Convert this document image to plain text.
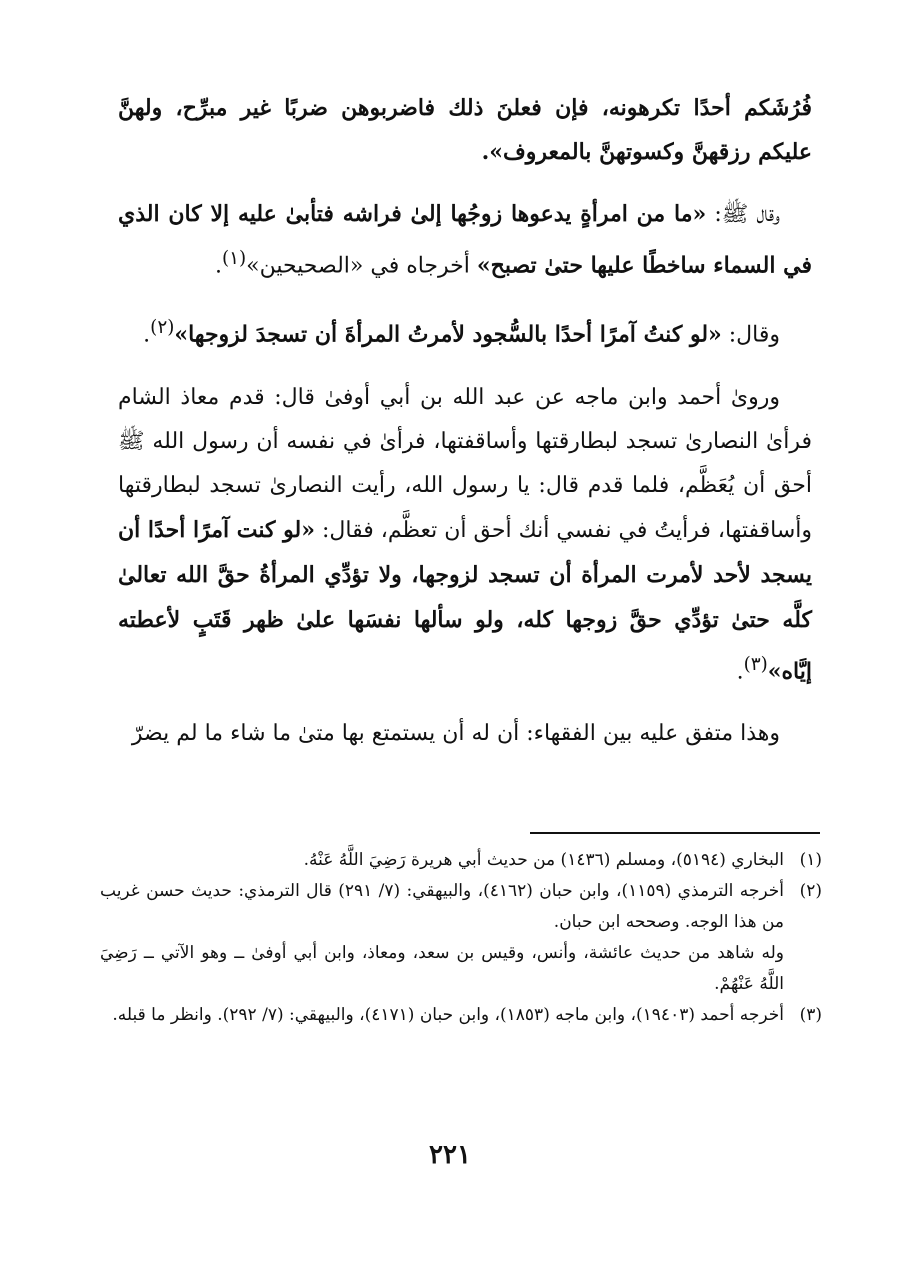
فُرُشَكم أحدًا تكرهونه، فإن فعلنَ ذلك فاضربوهن ضربًا غير مبرِّح، ولهنَّ عليكم رزقهنَّ وكسوتهنَّ بالمعروف».

وقال ﷺ: «ما من امرأةٍ يدعوها زوجُها إلىٰ فراشه فتأبىٰ عليه إلا كان الذي في السماء ساخطًا عليها حتىٰ تصبح» أخرجاه في «الصحيحين»$^{(١)}$.

وقال: «لو كنتُ آمرًا أحدًا بالسُّجود لأمرتُ المرأةَ أن تسجدَ لزوجها»$^{(٢)}$.

وروىٰ أحمد وابن ماجه عن عبد الله بن أبي أوفىٰ قال: قدم معاذ الشام فرأىٰ النصارىٰ تسجد لبطارقتها وأساقفتها، فرأىٰ في نفسه أن رسول الله ﷺ أحق أن يُعَظَّم، فلما قدم قال: يا رسول الله، رأيت النصارىٰ تسجد لبطارقتها وأساقفتها، فرأيتُ في نفسي أنك أحق أن تعظَّم، فقال: «لو كنت آمرًا أحدًا أن يسجد لأحد لأمرت المرأة أن تسجد لزوجها، ولا تؤدِّي المرأةُ حقَّ الله تعالىٰ كلَّه حتىٰ تؤدِّي حقَّ زوجها كله، ولو سألها نفسَها علىٰ ظهر قَتَبٍ لأعطته إيَّاه»$^{(٣)}$.

وهذا متفق عليه بين الفقهاء: أن له أن يستمتع بها متىٰ ما شاء ما لم يضرّ

(١)
البخاري (٥١٩٤)، ومسلم (١٤٣٦) من حديث أبي هريرة رَضِيَ اللَّهُ عَنْهُ.
(٢)
أخرجه الترمذي (١١٥٩)، وابن حبان (٤١٦٢)، والبيهقي: (٧/ ٢٩١) قال الترمذي: حديث حسن غريب من هذا الوجه. وصححه ابن حبان.
وله شاهد من حديث عائشة، وأنس، وقيس بن سعد، ومعاذ، وابن أبي أوفىٰ ــ وهو الآتي ــ رَضِيَ اللَّهُ عَنْهُمْ.
(٣)
أخرجه أحمد (١٩٤٠٣)، وابن ماجه (١٨٥٣)، وابن حبان (٤١٧١)، والبيهقي: (٧/ ٢٩٢). وانظر ما قبله.
٢٢١
